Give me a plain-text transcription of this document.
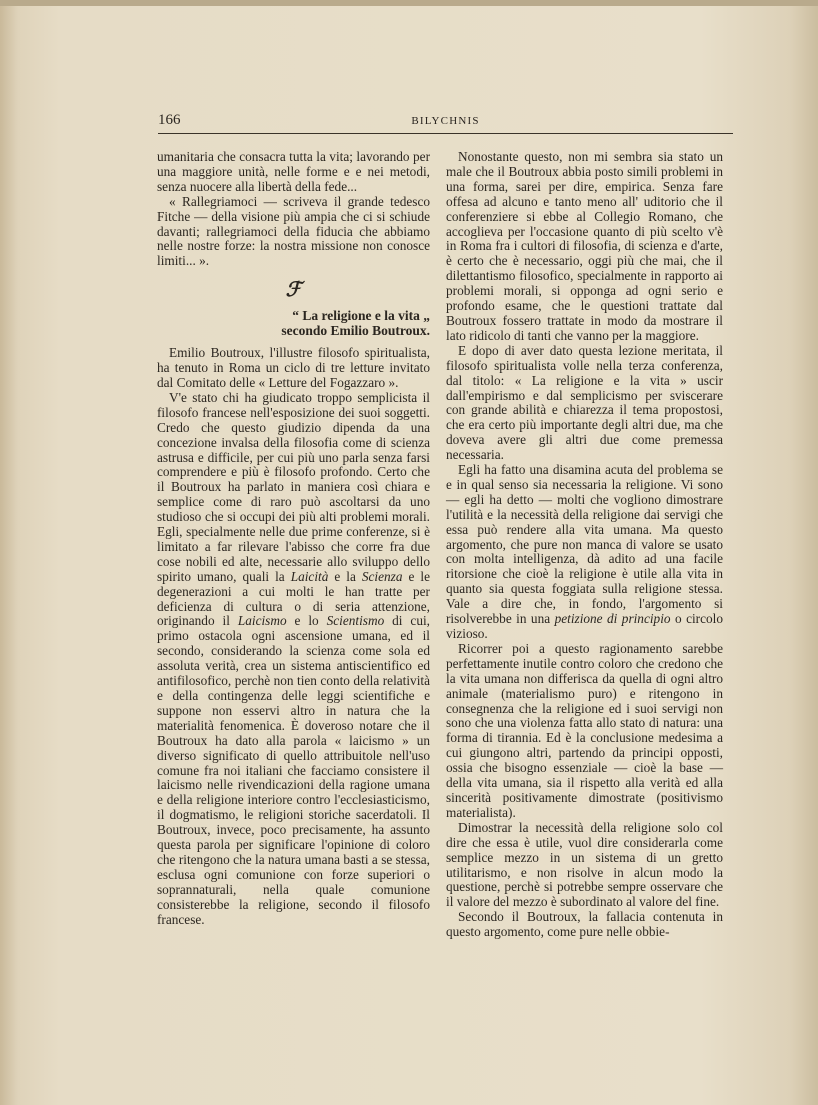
166	BILYCHNIS

umanitaria che consacra tutta la vita; lavorando per una maggiore unità, nelle forme e e nei metodi, senza nuocere alla libertà della fede...

« Rallegriamoci — scriveva il grande tedesco Fitche — della visione più ampia che ci si schiude davanti; rallegriamoci della fiducia che abbiamo nelle nostre forze: la nostra missione non conosce limiti... ».

ℱ
“ La religione e la vita „
secondo Emilio Boutroux.

Emilio Boutroux, l'illustre filosofo spiritualista, ha tenuto in Roma un ciclo di tre letture invitato dal Comitato delle « Letture del Fogazzaro ».

V'e stato chi ha giudicato troppo semplicista il filosofo francese nell'esposizione dei suoi soggetti. Credo che questo giudizio dipenda da una concezione invalsa della filosofia come di scienza astrusa e difficile, per cui più uno parla senza farsi comprendere e più è filosofo profondo. Certo che il Boutroux ha parlato in maniera così chiara e semplice come di raro può ascoltarsi da uno studioso che si occupi dei più alti problemi morali. Egli, specialmente nelle due prime conferenze, si è limitato a far rilevare l'abisso che corre fra due cose nobili ed alte, necessarie allo sviluppo dello spirito umano, quali la Laicità e la Scienza e le degenerazioni a cui molti le han tratte per deficienza di cultura o di seria attenzione, originando il Laicismo e lo Scientismo di cui, primo ostacola ogni ascensione umana, ed il secondo, considerando la scienza come sola ed assoluta verità, crea un sistema antiscientifico ed antifilosofico, perchè non tien conto della relatività e della contingenza delle leggi scientifiche e suppone non esservi altro in natura che la materialità fenomenica. È doveroso notare che il Boutroux ha dato alla parola « laicismo » un diverso significato di quello attribuitole nell'uso comune fra noi italiani che facciamo consistere il laicismo nelle rivendicazioni della ragione umana e della religione interiore contro l'ecclesiasticismo, il dogmatismo, le religioni storiche sacerdatoli. Il Boutroux, invece, poco precisamente, ha assunto questa parola per significare l'opinione di coloro che ritengono che la natura umana basti a se stessa, esclusa ogni comunione con forze superiori o soprannaturali, nella quale comunione consisterebbe la religione, secondo il filosofo francese.

Nonostante questo, non mi sembra sia stato un male che il Boutroux abbia posto simili problemi in una forma, sarei per dire, empirica. Senza fare offesa ad alcuno e tanto meno all' uditorio che il conferenziere si ebbe al Collegio Romano, che accoglieva per l'occasione quanto di più scelto v'è in Roma fra i cultori di filosofia, di scienza e d'arte, è certo che è necessario, oggi più che mai, che il dilettantismo filosofico, specialmente in rapporto ai problemi morali, si opponga ad ogni serio e profondo esame, che le questioni trattate dal Boutroux fossero trattate in modo da mostrare il lato ridicolo di tanti che vanno per la maggiore.

E dopo di aver dato questa lezione meritata, il filosofo spiritualista volle nella terza conferenza, dal titolo: « La religione e la vita » uscir dall'empirismo e dal semplicismo per sviscerare con grande abilità e chiarezza il tema propostosi, che era certo più importante degli altri due, ma che doveva avere gli altri due come premessa necessaria.

Egli ha fatto una disamina acuta del problema se e in qual senso sia necessaria la religione. Vi sono — egli ha detto — molti che vogliono dimostrare l'utilità e la necessità della religione dai servigi che essa può rendere alla vita umana. Ma questo argomento, che pure non manca di valore se usato con molta intelligenza, dà adito ad una facile ritorsione che cioè la religione è utile alla vita in quanto sia questa foggiata sulla religione stessa. Vale a dire che, in fondo, l'argomento si risolverebbe in una petizione di principio o circolo vizioso.

Ricorrer poi a questo ragionamento sarebbe perfettamente inutile contro coloro che credono che la vita umana non differisca da quella di ogni altro animale (materialismo puro) e ritengono in consegnenza che la religione ed i suoi servigi non sono che una violenza fatta allo stato di natura: una forma di tirannia. Ed è la conclusione medesima a cui giungono altri, partendo da principi opposti, ossia che bisogno essenziale — cioè la base — della vita umana, sia il rispetto alla verità ed alla sincerità positivamente dimostrate (positivismo materialista).

Dimostrar la necessità della religione solo col dire che essa è utile, vuol dire considerarla come semplice mezzo in un sistema di un gretto utilitarismo, e non risolve in alcun modo la questione, perchè si potrebbe sempre osservare che il valore del mezzo è subordinato al valore del fine.

Secondo il Boutroux, la fallacia contenuta in questo argomento, come pure nelle obbie-
